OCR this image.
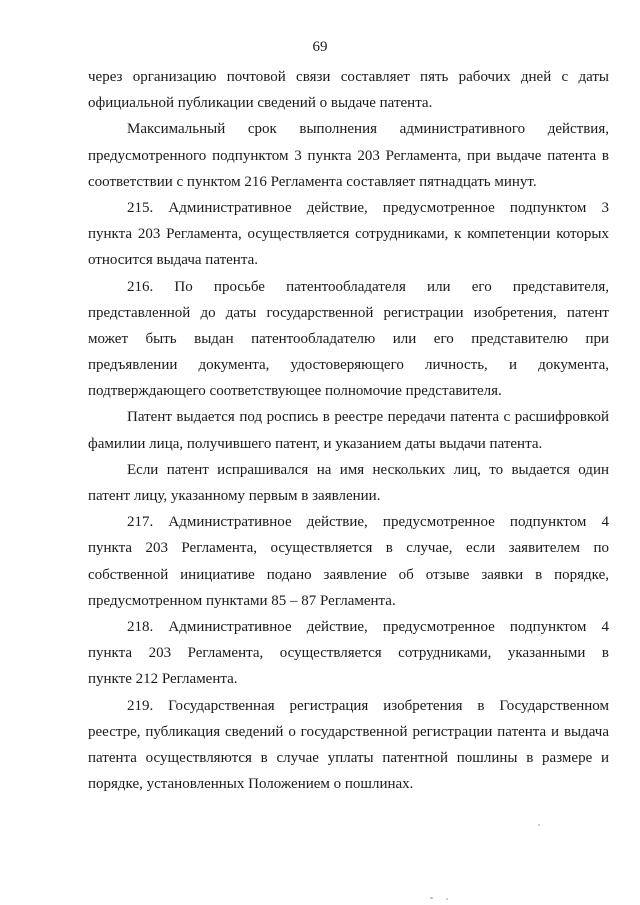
69
через организацию почтовой связи составляет пять рабочих дней с даты
официальной публикации сведений о выдаче патента.
Максимальный срок выполнения административного действия,
предусмотренного подпунктом 3 пункта 203 Регламента, при выдаче патента в
соответствии с пунктом 216 Регламента составляет пятнадцать минут.
215. Административное действие, предусмотренное подпунктом 3
пункта 203 Регламента, осуществляется сотрудниками, к компетенции которых
относится выдача патента.
216. По просьбе патентообладателя или его представителя,
представленной до даты государственной регистрации изобретения, патент
может быть выдан патентообладателю или его представителю при
предъявлении документа, удостоверяющего личность, и документа,
подтверждающего соответствующее полномочие представителя.
Патент выдается под роспись в реестре передачи патента с расшифровкой
фамилии лица, получившего патент, и указанием даты выдачи патента.
Если патент испрашивался на имя нескольких лиц, то выдается один
патент лицу, указанному первым в заявлении.
217. Административное действие, предусмотренное подпунктом 4
пункта 203 Регламента, осуществляется в случае, если заявителем по
собственной инициативе подано заявление об отзыве заявки в порядке,
предусмотренном пунктами 85 – 87 Регламента.
218. Административное действие, предусмотренное подпунктом 4
пункта 203 Регламента, осуществляется сотрудниками, указанными в
пункте 212 Регламента.
219. Государственная регистрация изобретения в Государственном
реестре, публикация сведений о государственной регистрации патента и выдача
патента осуществляются в случае уплаты патентной пошлины в размере и
порядке, установленных Положением о пошлинах.
